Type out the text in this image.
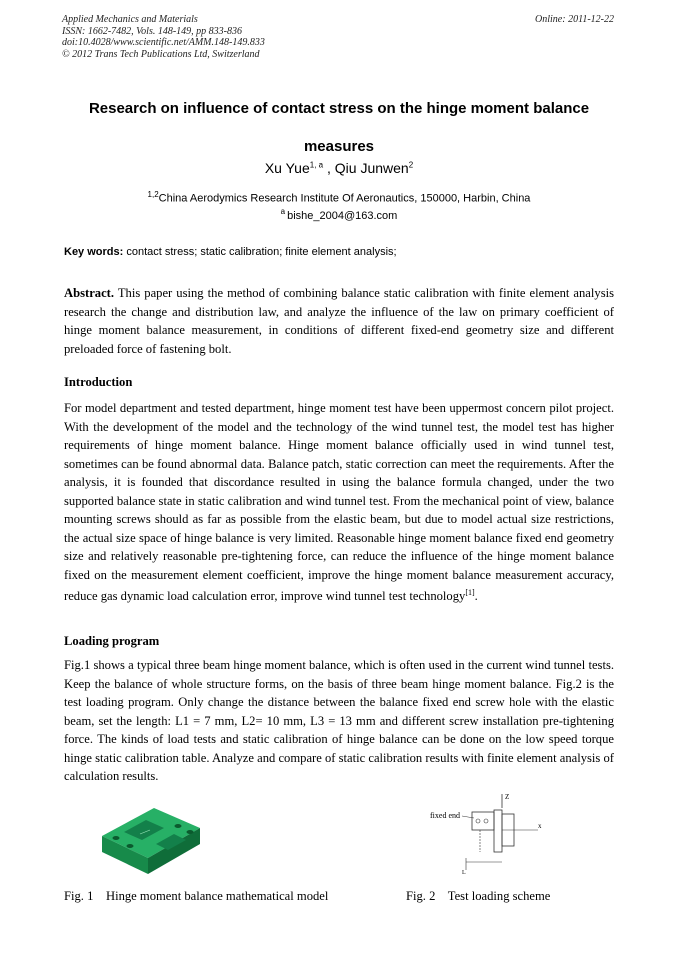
Applied Mechanics and Materials
ISSN: 1662-7482, Vols. 148-149, pp 833-836
doi:10.4028/www.scientific.net/AMM.148-149.833
© 2012 Trans Tech Publications Ltd, Switzerland
Online: 2011-12-22
Research on influence of contact stress on the hinge moment balance
measures
Xu Yue$^{1, a}$ , Qiu Junwen$^2$
$^{1,2}$China Aerodymics Research Institute Of Aeronautics, 150000, Harbin, China
$^a$ bishe_2004@163.com
Key words: contact stress; static calibration; finite element analysis;
Abstract. This paper using the method of combining balance static calibration with finite element analysis research the change and distribution law, and analyze the influence of the law on primary coefficient of hinge moment balance measurement, in conditions of different fixed-end geometry size and different preloaded force of fastening bolt.
Introduction
For model department and tested department, hinge moment test have been uppermost concern pilot project. With the development of the model and the technology of the wind tunnel test, the model test has higher requirements of hinge moment balance. Hinge moment balance officially used in wind tunnel test, sometimes can be found abnormal data. Balance patch, static correction can meet the requirements. After the analysis, it is founded that discordance resulted in using the balance formula changed, under the two supported balance state in static calibration and wind tunnel test. From the mechanical point of view, balance mounting screws should as far as possible from the elastic beam, but due to model actual size restrictions, the actual size space of hinge balance is very limited. Reasonable hinge moment balance fixed end geometry size and relatively reasonable pre-tightening force, can reduce the influence of the hinge moment balance fixed on the measurement element coefficient, improve the hinge moment balance measurement accuracy, reduce gas dynamic load calculation error, improve wind tunnel test technology[1].
Loading program
Fig.1 shows a typical three beam hinge moment balance, which is often used in the current wind tunnel tests. Keep the balance of whole structure forms, on the basis of three beam hinge moment balance. Fig.2 is the test loading program. Only change the distance between the balance fixed end screw hole with the elastic beam, set the length: L1 = 7 mm, L2= 10 mm, L3 = 13 mm and different screw installation pre-tightening force. The kinds of load tests and static calibration of hinge balance can be done on the low speed torque hinge static calibration table. Analyze and compare of static calibration results with finite element analysis of calculation results.
Z
x
L
fixed end
Fig. 1    Hinge moment balance mathematical model	Fig. 2    Test loading scheme
